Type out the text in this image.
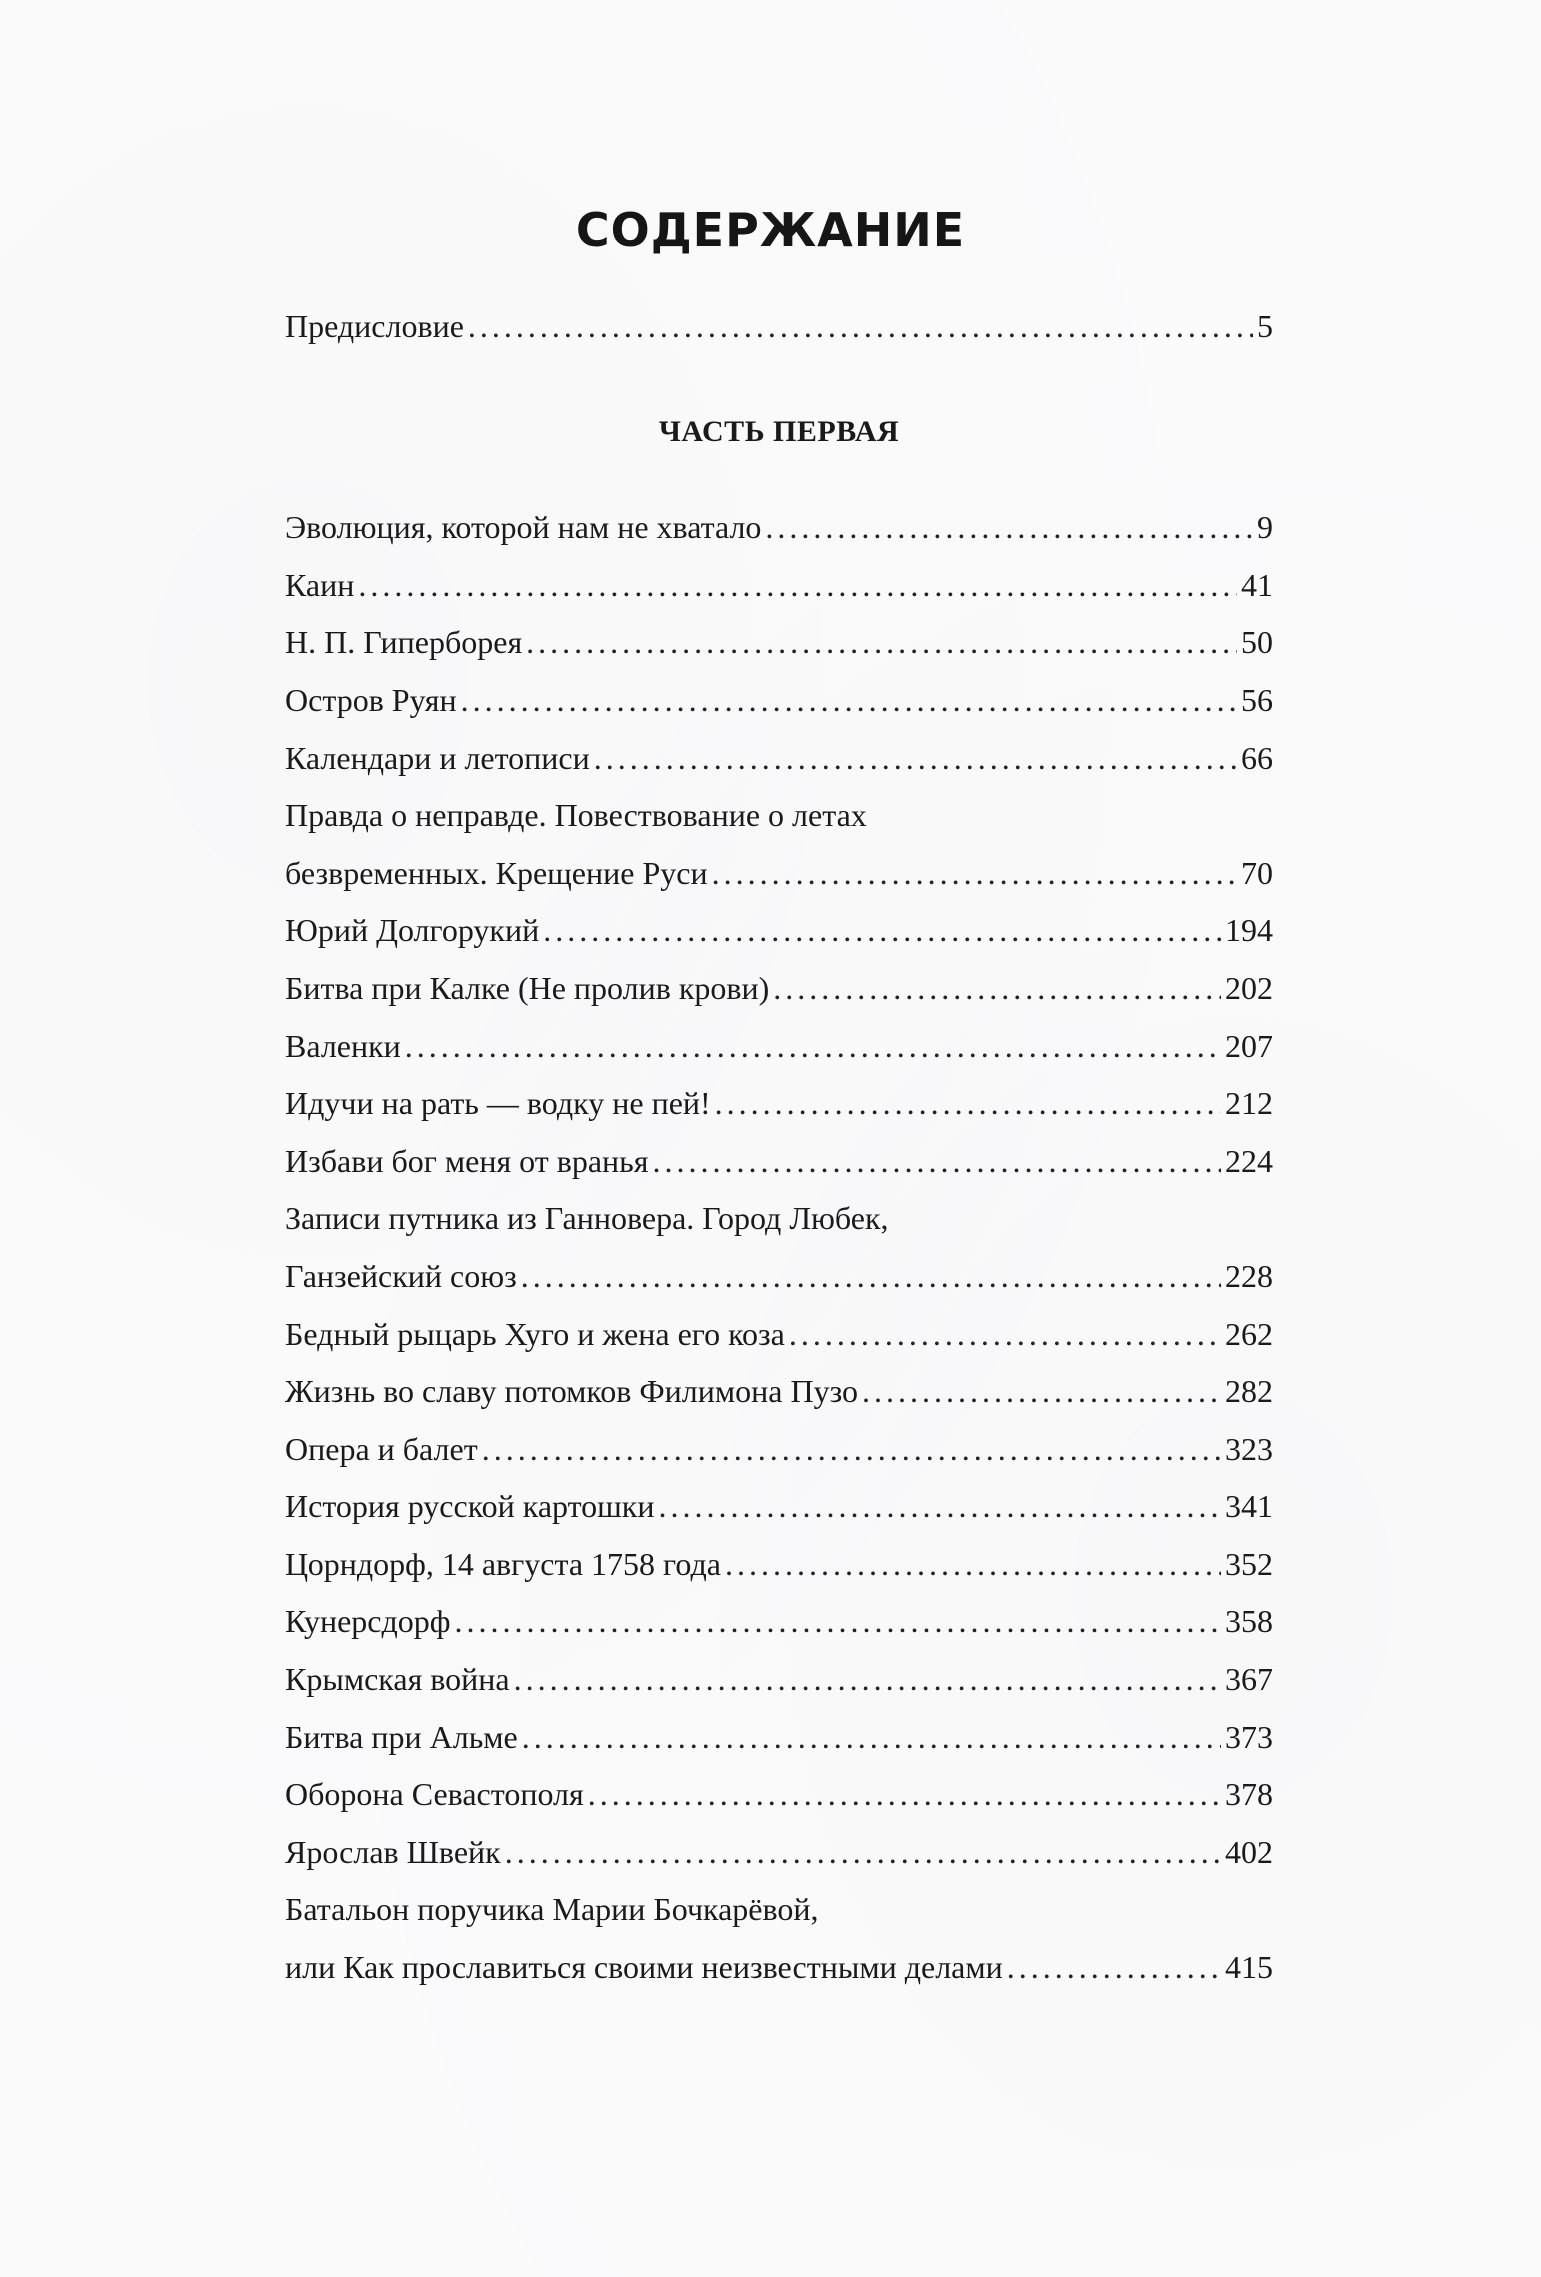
СОДЕРЖАНИЕ
Предисловие .....	5
ЧАСТЬ ПЕРВАЯ
Эволюция, которой нам не хватало .....	9
Каин .....	41
Н. П. Гиперборея .....	50
Остров Руян .....	56
Календари и летописи .....	66
Правда о неправде. Повествование о летах
безвременных. Крещение Руси .....	70
Юрий Долгорукий .....	194
Битва при Калке (Не пролив крови) .....	202
Валенки .....	207
Идучи на рать — водку не пей! .....	212
Избави бог меня от вранья .....	224
Записи путника из Ганновера. Город Любек,
Ганзейский союз .....	228
Бедный рыцарь Хуго и жена его коза .....	262
Жизнь во славу потомков Филимона Пузо .....	282
Опера и балет .....	323
История русской картошки .....	341
Цорндорф, 14 августа 1758 года .....	352
Кунерсдорф .....	358
Крымская война .....	367
Битва при Альме .....	373
Оборона Севастополя .....	378
Ярослав Швейк .....	402
Батальон поручика Марии Бочкарёвой,
или Как прославиться своими неизвестными делами .....	415
